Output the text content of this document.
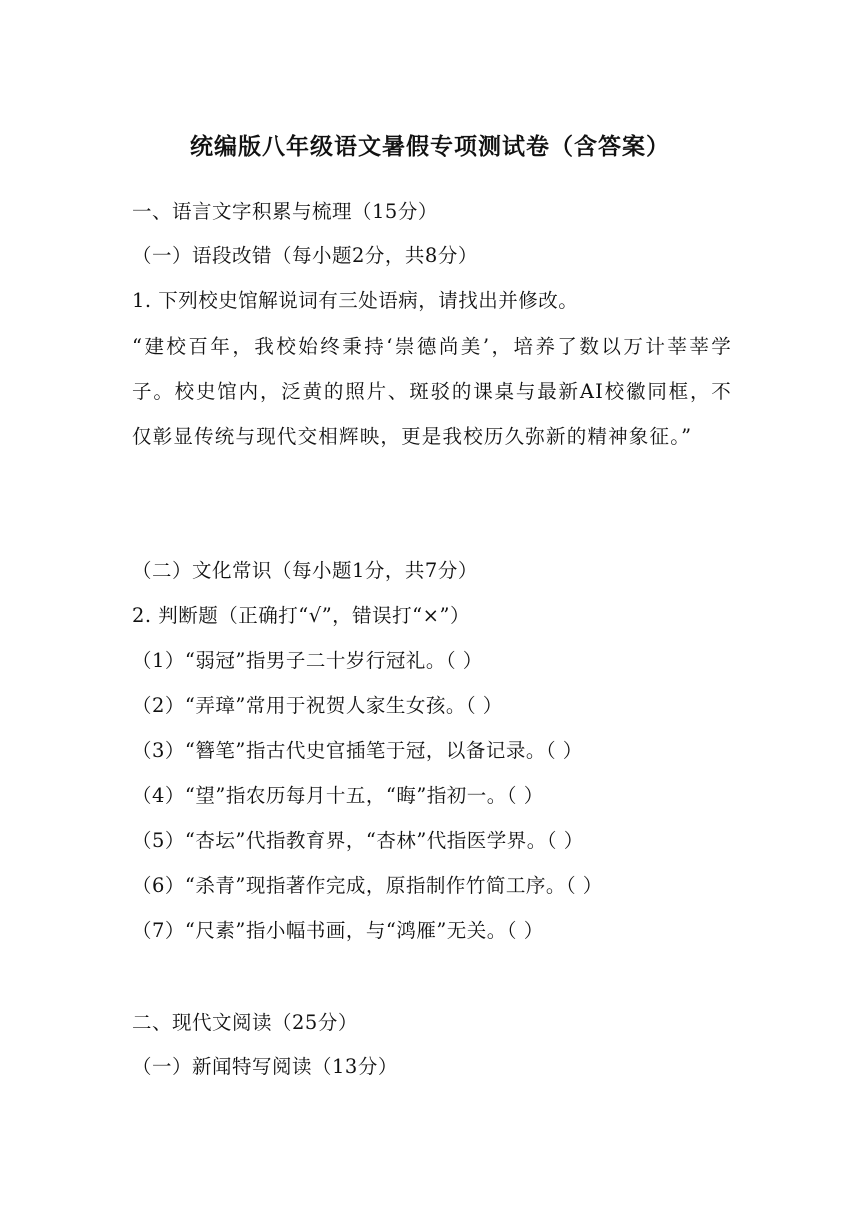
统编版八年级语文暑假专项测试卷（含答案）
一、语言文字积累与梳理（15分）
（一）语段改错（每小题2分，共8分）
1. 下列校史馆解说词有三处语病，请找出并修改。
“建校百年，我校始终秉持‘崇德尚美’，培养了数以万计莘莘学子。校史馆内，泛黄的照片、斑驳的课桌与最新AI校徽同框，不仅彰显传统与现代交相辉映，更是我校历久弥新的精神象征。”
（二）文化常识（每小题1分，共7分）
2. 判断题（正确打“√”，错误打“×”）
（1）“弱冠”指男子二十岁行冠礼。（ ）
（2）“弄璋”常用于祝贺人家生女孩。（ ）
（3）“簪笔”指古代史官插笔于冠，以备记录。（ ）
（4）“望”指农历每月十五，“晦”指初一。（ ）
（5）“杏坛”代指教育界，“杏林”代指医学界。（ ）
（6）“杀青”现指著作完成，原指制作竹简工序。（ ）
（7）“尺素”指小幅书画，与“鸿雁”无关。（ ）
二、现代文阅读（25分）
（一）新闻特写阅读（13分）
